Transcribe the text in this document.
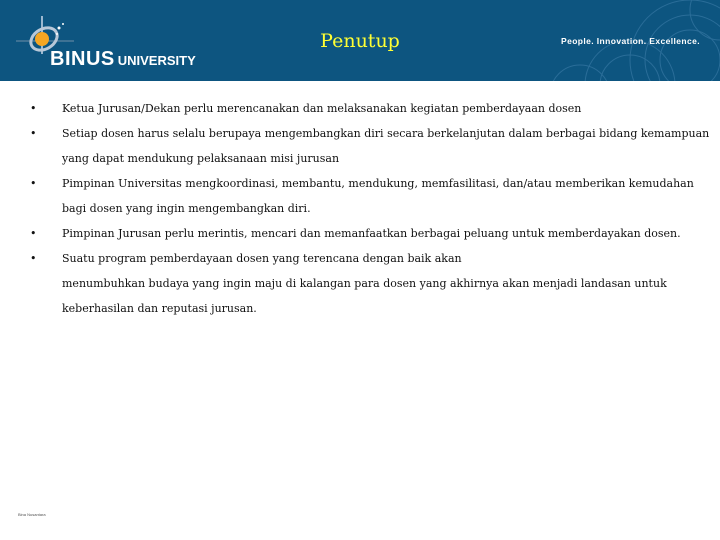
BINUS UNIVERSITY
Penutup	People. Innovation. Excellence.
•	Ketua Jurusan/Dekan perlu merencanakan dan melaksanakan kegiatan pemberdayaan dosen
•	Setiap dosen harus selalu berupaya mengembangkan diri secara berkelanjutan dalam berbagai bidang kemampuan yang dapat mendukung pelaksanaan misi jurusan
•	Pimpinan Universitas mengkoordinasi, membantu, mendukung, memfasilitasi, dan/atau memberikan kemudahan bagi dosen yang ingin mengembangkan diri.
•	Pimpinan Jurusan perlu merintis, mencari dan memanfaatkan berbagai peluang untuk memberdayakan dosen.
•	Suatu program pemberdayaan dosen yang terencana dengan baik akan
menumbuhkan budaya yang ingin maju di kalangan para dosen yang akhirnya akan menjadi landasan untuk keberhasilan dan reputasi jurusan.
Bina Nusantara
